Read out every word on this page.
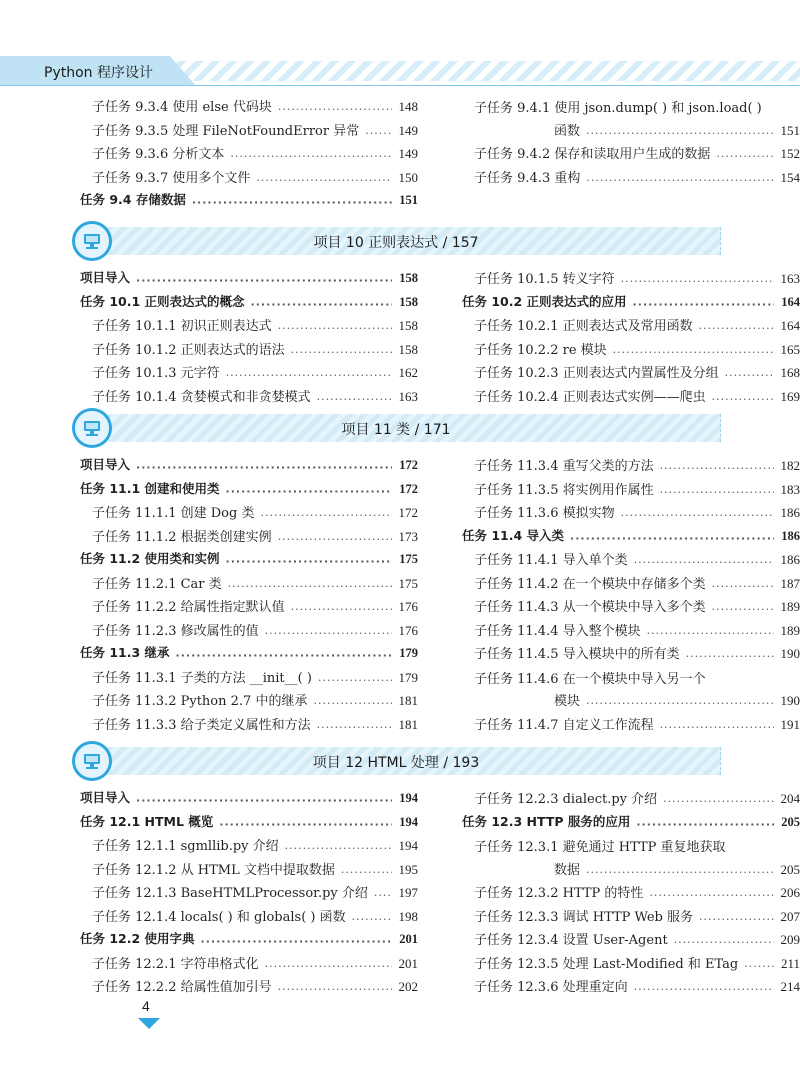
Python 程序设计
子任务 9.3.4 使用 else 代码块 ·····	148
子任务 9.3.5 处理 FileNotFoundError 异常 ·····	149
子任务 9.3.6 分析文本 ·····	149
子任务 9.3.7 使用多个文件 ·····	150
任务 9.4 存储数据 ·····	151
子任务 9.4.1 使用 json.dump( ) 和 json.load( )
函数 ·····	151
子任务 9.4.2 保存和读取用户生成的数据 ·····	152
子任务 9.4.3 重构 ·····	154
项目 10 正则表达式 / 157
项目导入 ·····	158
任务 10.1 正则表达式的概念 ·····	158
子任务 10.1.1 初识正则表达式 ·····	158
子任务 10.1.2 正则表达式的语法 ·····	158
子任务 10.1.3 元字符 ·····	162
子任务 10.1.4 贪婪模式和非贪婪模式 ·····	163
子任务 10.1.5 转义字符 ·····	163
任务 10.2 正则表达式的应用 ·····	164
子任务 10.2.1 正则表达式及常用函数 ·····	164
子任务 10.2.2 re 模块 ·····	165
子任务 10.2.3 正则表达式内置属性及分组 ·····	168
子任务 10.2.4 正则表达式实例——爬虫 ·····	169
项目 11 类 / 171
项目导入 ·····	172
任务 11.1 创建和使用类 ·····	172
子任务 11.1.1 创建 Dog 类 ·····	172
子任务 11.1.2 根据类创建实例 ·····	173
任务 11.2 使用类和实例 ·····	175
子任务 11.2.1 Car 类 ·····	175
子任务 11.2.2 给属性指定默认值 ·····	176
子任务 11.2.3 修改属性的值 ·····	176
任务 11.3 继承 ·····	179
子任务 11.3.1 子类的方法 __init__( ) ·····	179
子任务 11.3.2 Python 2.7 中的继承 ·····	181
子任务 11.3.3 给子类定义属性和方法 ·····	181
子任务 11.3.4 重写父类的方法 ·····	182
子任务 11.3.5 将实例用作属性 ·····	183
子任务 11.3.6 模拟实物 ·····	186
任务 11.4 导入类 ·····	186
子任务 11.4.1 导入单个类 ·····	186
子任务 11.4.2 在一个模块中存储多个类 ·····	187
子任务 11.4.3 从一个模块中导入多个类 ·····	189
子任务 11.4.4 导入整个模块 ·····	189
子任务 11.4.5 导入模块中的所有类 ·····	190
子任务 11.4.6 在一个模块中导入另一个
模块 ·····	190
子任务 11.4.7 自定义工作流程 ·····	191
项目 12 HTML 处理 / 193
项目导入 ·····	194
任务 12.1 HTML 概览 ·····	194
子任务 12.1.1 sgmllib.py 介绍 ·····	194
子任务 12.1.2 从 HTML 文档中提取数据 ·····	195
子任务 12.1.3 BaseHTMLProcessor.py 介绍 ····· 197
子任务 12.1.4 locals( ) 和 globals( ) 函数 ·····	198
任务 12.2 使用字典 ·····	201
子任务 12.2.1 字符串格式化 ·····	201
子任务 12.2.2 给属性值加引号 ·····	202
子任务 12.2.3 dialect.py 介绍 ·····	204
任务 12.3 HTTP 服务的应用 ·····	205
子任务 12.3.1 避免通过 HTTP 重复地获取
数据 ·····	205
子任务 12.3.2 HTTP 的特性 ·····	206
子任务 12.3.3 调试 HTTP Web 服务 ·····	207
子任务 12.3.4 设置 User-Agent ·····	209
子任务 12.3.5 处理 Last-Modified 和 ETag ·····	211
子任务 12.3.6 处理重定向 ·····	214
4
